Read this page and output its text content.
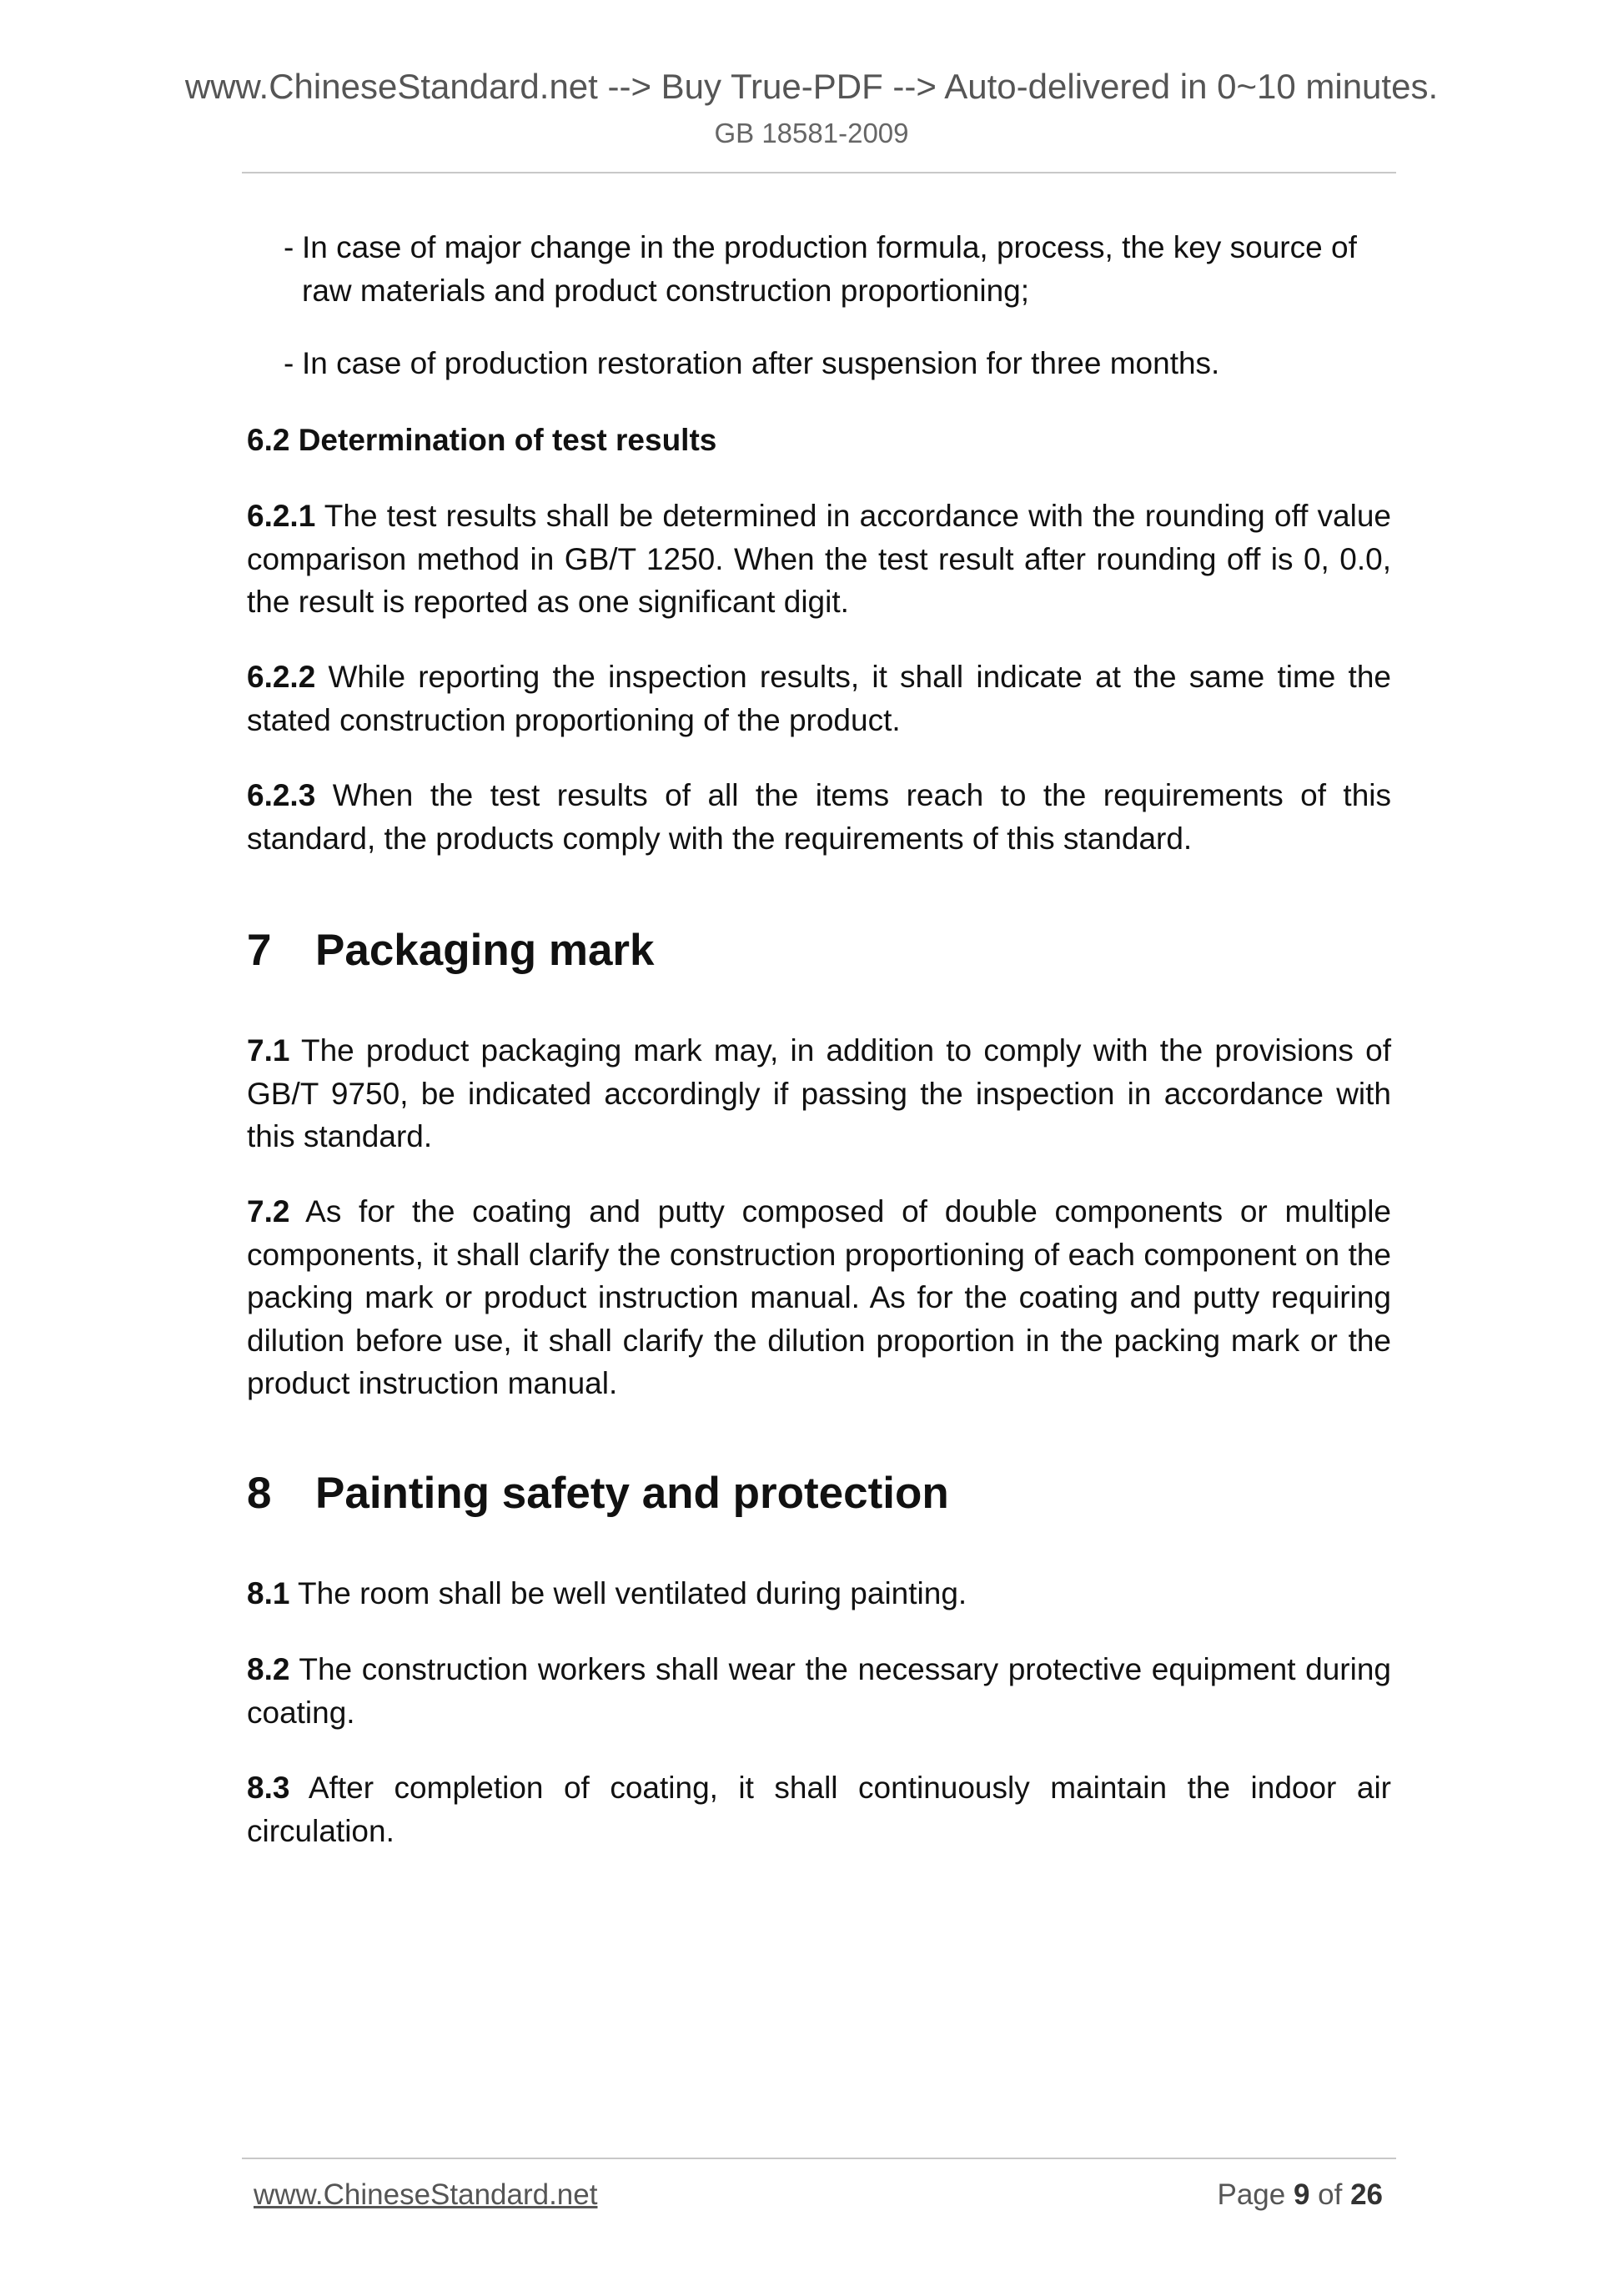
www.ChineseStandard.net --> Buy True-PDF --> Auto-delivered in 0~10 minutes.
GB 18581-2009
- In case of major change in the production formula, process, the key source of raw materials and product construction proportioning;
- In case of production restoration after suspension for three months.
6.2 Determination of test results
6.2.1 The test results shall be determined in accordance with the rounding off value comparison method in GB/T 1250. When the test result after rounding off is 0, 0.0, the result is reported as one significant digit.
6.2.2 While reporting the inspection results, it shall indicate at the same time the stated construction proportioning of the product.
6.2.3 When the test results of all the items reach to the requirements of this standard, the products comply with the requirements of this standard.
7 Packaging mark
7.1 The product packaging mark may, in addition to comply with the provisions of GB/T 9750, be indicated accordingly if passing the inspection in accordance with this standard.
7.2 As for the coating and putty composed of double components or multiple components, it shall clarify the construction proportioning of each component on the packing mark or product instruction manual. As for the coating and putty requiring dilution before use, it shall clarify the dilution proportion in the packing mark or the product instruction manual.
8 Painting safety and protection
8.1 The room shall be well ventilated during painting.
8.2 The construction workers shall wear the necessary protective equipment during coating.
8.3 After completion of coating, it shall continuously maintain the indoor air circulation.
www.ChineseStandard.net	Page 9 of 26
